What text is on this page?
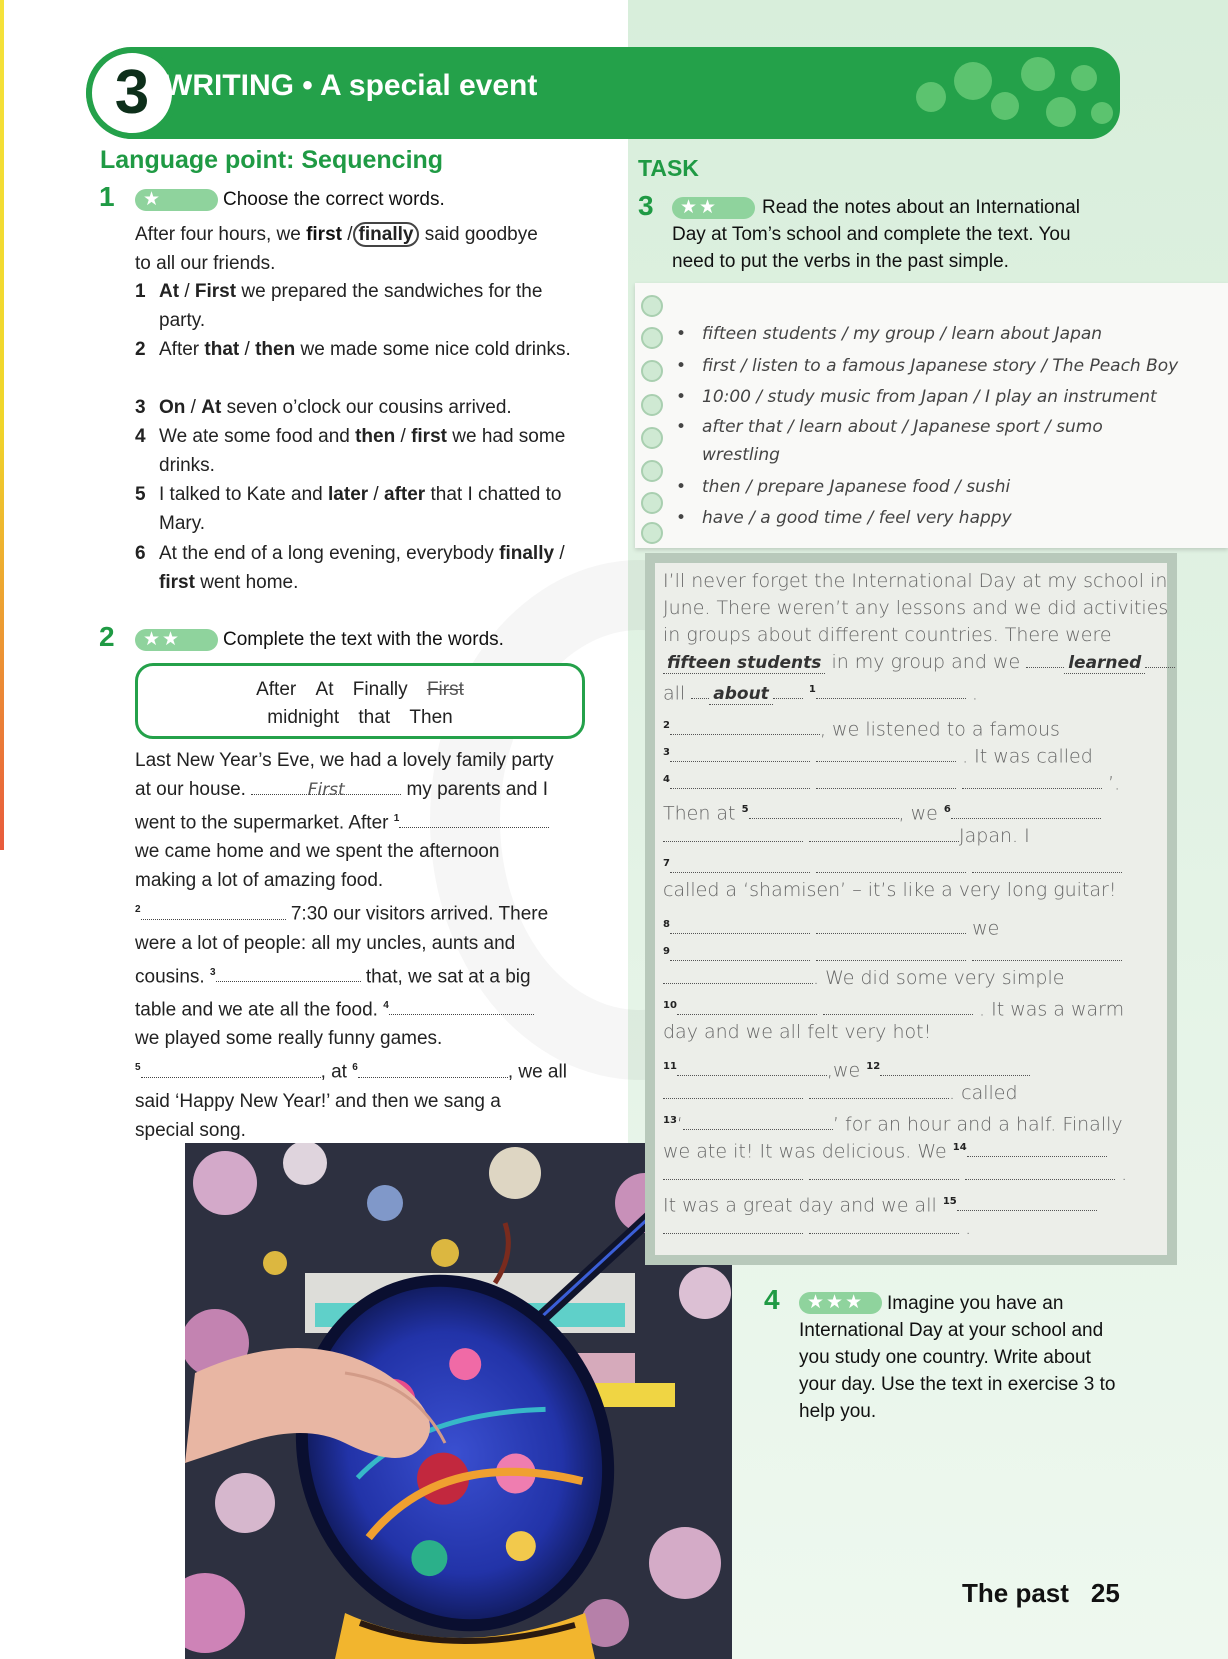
3 WRITING • A special event
Language point: Sequencing
1	★	Choose the correct words.
After four hours, we first / finally said goodbye
to all our friends.
1 At / First we prepared the sandwiches for the party.
2 After that / then we made some nice cold drinks.
3 On / At seven o’clock our cousins arrived.
4 We ate some food and then / first we had some drinks.
5 I talked to Kate and later / after that I chatted to Mary.
6 At the end of a long evening, everybody finally / first went home.
2	★★	Complete the text with the words.
After At Finally First
midnight that Then
Last New Year’s Eve, we had a lovely family party
at our house.	First	my parents and I
went to the supermarket. After $^1$
we came home and we spent the afternoon
making a lot of amazing food.
$^2$	7:30 our visitors arrived. There
were a lot of people: all my uncles, aunts and
cousins. $^3$	that, we sat at a big
table and we ate all the food. $^4$
we played some really funny games.
$^5$	, at $^6$	, we all
said ‘Happy New Year!’ and then we sang a
special song.
TASK
3	★★	Read the notes about an International
Day at Tom’s school and complete the text. You
need to put the verbs in the past simple.
• fifteen students / my group / learn about Japan
• first / listen to a famous Japanese story / The Peach Boy
• 10:00 / study music from Japan / I play an instrument
• after that / learn about / Japanese sport / sumo
wrestling
• then / prepare Japanese food / sushi
• have / a good time / feel very happy
I’ll never forget the International Day at my school in
June. There weren’t any lessons and we did activities
in groups about different countries. There were
fifteen students in my group and we	learned
all about	$^1$	.
$^2$	, we listened to a famous
$^3$	. It was called
$^4$	’.
Then at $^5$	, we $^6$
Japan. I
$^7$
called a ‘shamisen’ – it’s like a very long guitar!
$^8$	we
$^9$
. We did some very simple
$^{10}$	. It was a warm
day and we all felt very hot!
$^{11}$	,we $^{12}$
. called
$^{13}$‘	’ for an hour and a half. Finally
we ate it! It was delicious. We $^{14}$
.
It was a great day and we all $^{15}$
.
4	★★★	Imagine you have an International Day at your school and you study one country. Write about your day. Use the text in exercise 3 to help you.
The past 25
